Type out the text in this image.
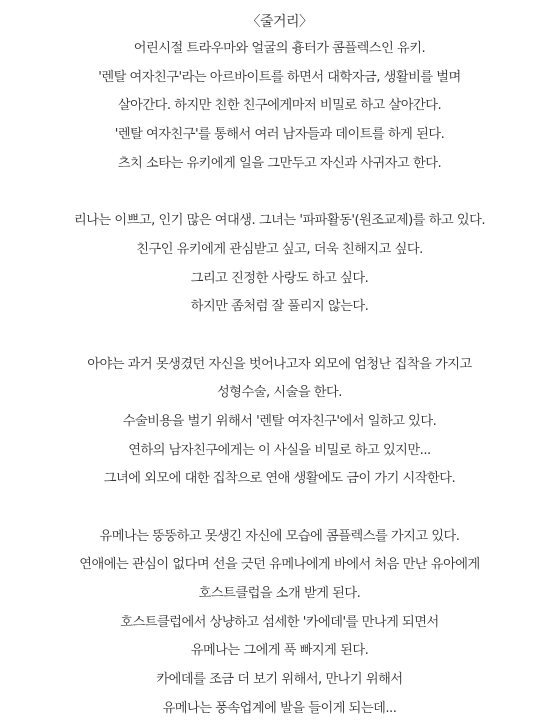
〈줄거리〉
어린시절 트라우마와 얼굴의 흉터가 콤플렉스인 유키.
'렌탈 여자친구'라는 아르바이트를 하면서 대학자금, 생활비를 벌며
살아간다. 하지만 친한 친구에게마저 비밀로 하고 살아간다.
'렌탈 여자친구'를 통해서 여러 남자들과 데이트를 하게 된다.
츠치 소타는 유키에게 일을 그만두고 자신과 사귀자고 한다.
리나는 이쁘고, 인기 많은 여대생. 그녀는 '파파활동'(원조교제)를 하고 있다.
친구인 유키에게 관심받고 싶고, 더욱 친해지고 싶다.
그리고 진정한 사랑도 하고 싶다.
하지만 좀처럼 잘 풀리지 않는다.
아야는 과거 못생겼던 자신을 벗어나고자 외모에 엄청난 집착을 가지고
성형수술, 시술을 한다.
수술비용을 벌기 위해서 '렌탈 여자친구'에서 일하고 있다.
연하의 남자친구에게는 이 사실을 비밀로 하고 있지만...
그녀에 외모에 대한 집착으로 연애 생활에도 금이 가기 시작한다.
유메나는 뚱뚱하고 못생긴 자신에 모습에 콤플렉스를 가지고 있다.
연애에는 관심이 없다며 선을 긋던 유메나에게 바에서 처음 만난 유아에게
호스트클럽을 소개 받게 된다.
호스트클럽에서 상냥하고 섬세한 '카에데'를 만나게 되면서
유메나는 그에게 푹 빠지게 된다.
카에데를 조금 더 보기 위해서, 만나기 위해서
유메나는 풍속업계에 발을 들이게 되는데...
